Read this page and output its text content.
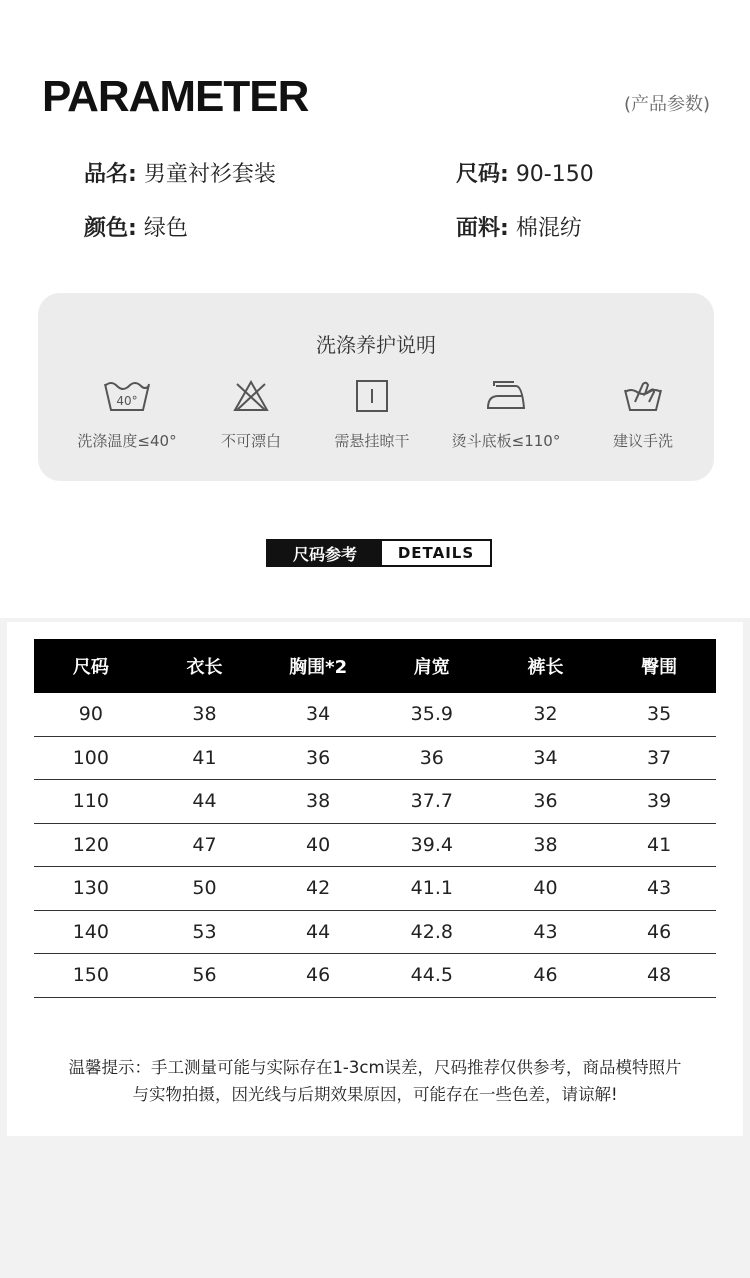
PARAMETER	(产品参数)
品名: 男童衬衫套装	尺码: 90-150
颜色: 绿色	面料: 棉混纺
洗涤养护说明
40°
洗涤温度≤40°	不可漂白	需悬挂晾干	烫斗底板≤110°	建议手洗
尺码参考	DETAILS
尺码	衣长	胸围*2	肩宽	裤长	臀围
90	38	34	35.9	32	35
100	41	36	36	34	37
110	44	38	37.7	36	39
120	47	40	39.4	38	41
130	50	42	41.1	40	43
140	53	44	42.8	43	46
150	56	46	44.5	46	48
温馨提示：手工测量可能与实际存在1-3cm误差，尺码推荐仅供参考，商品模特照片
与实物拍摄，因光线与后期效果原因，可能存在一些色差，请谅解!
